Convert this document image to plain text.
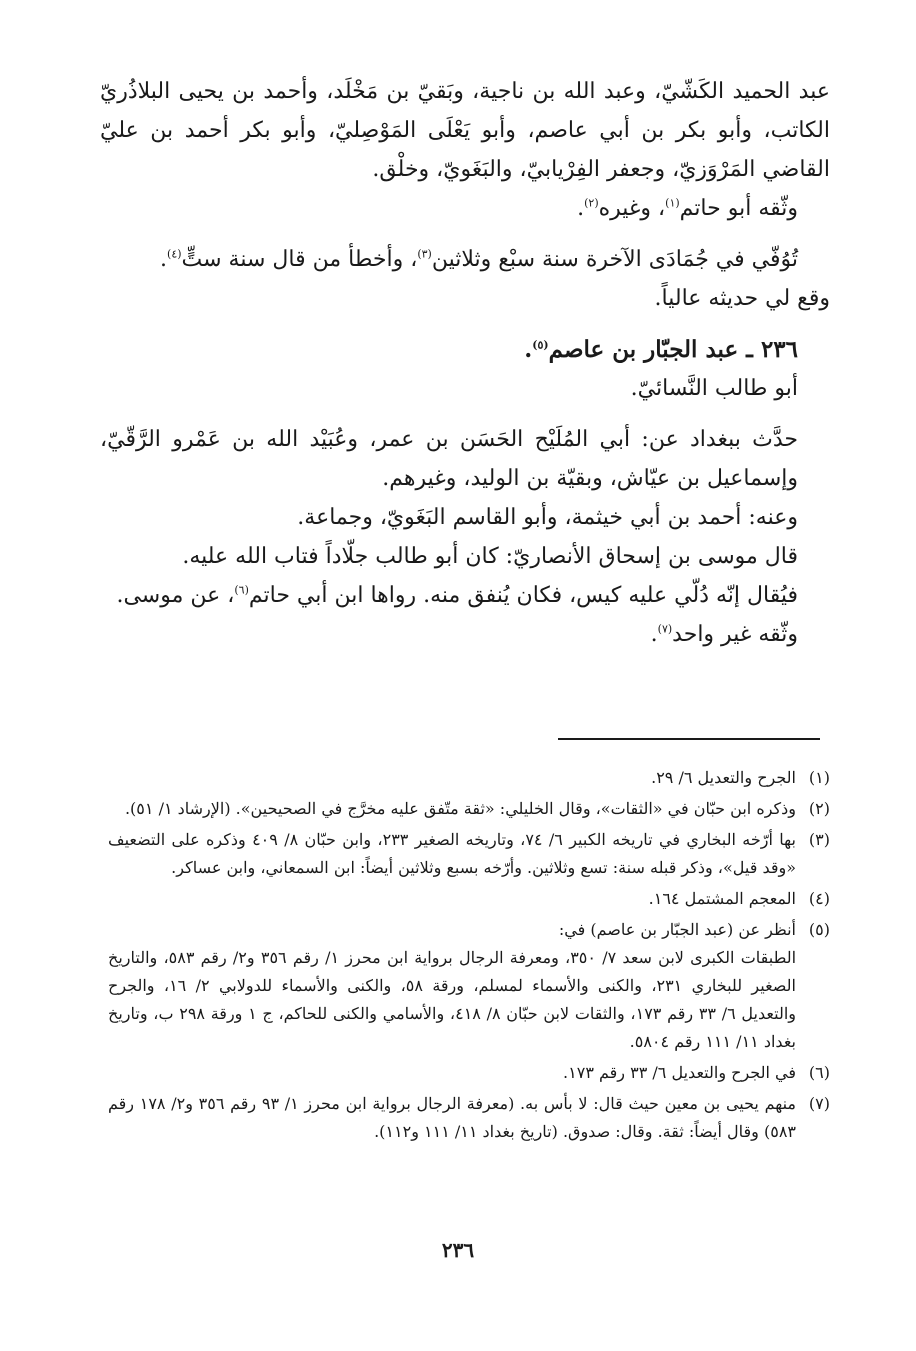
عبد الحميد الكَشّيّ، وعبد الله بن ناجية، وبَقيّ بن مَخْلَد، وأحمد بن يحيى البلاذُريّ الكاتب، وأبو بكر بن أبي عاصم، وأبو يَعْلَى المَوْصِليّ، وأبو بكر أحمد بن عليّ القاضي المَرْوَزيّ، وجعفر الفِرْيابيّ، والبَغَويّ، وخلْق.

وثّقه أبو حاتم$^{(١)}$، وغيره$^{(٢)}$.

تُوُفّي في جُمَادَى الآخرة سنة سبْع وثلاثين$^{(٣)}$، وأخطأ من قال سنة ستٍّ$^{(٤)}$.

وقع لي حديثه عالياً.

٢٣٦ ـ عبد الجبّار بن عاصم$^{(٥)}$.

أبو طالب النَّسائيّ.

حدَّث ببغداد عن: أبي المُلَيْح الحَسَن بن عمر، وعُبَيْد الله بن عَمْرو الرَّقّيّ، وإسماعيل بن عيّاش، وبقيّة بن الوليد، وغيرهم.

وعنه: أحمد بن أبي خيثمة، وأبو القاسم البَغَويّ، وجماعة.

قال موسى بن إسحاق الأنصاريّ: كان أبو طالب جلّاداً فتاب الله عليه.

فيُقال إنّه دُلّي عليه كيس، فكان يُنفق منه. رواها ابن أبي حاتم$^{(٦)}$، عن موسى.

وثّقه غير واحد$^{(٧)}$.

(١)
الجرح والتعديل ٦/ ٢٩.
(٢)
وذكره ابن حبّان في «الثقات»، وقال الخليلي: «ثقة متّفق عليه مخرَّج في الصحيحين». (الإرشاد ١/ ٥١).
(٣)
بها أرّخه البخاري في تاريخه الكبير ٦/ ٧٤، وتاريخه الصغير ٢٣٣، وابن حبّان ٨/ ٤٠٩ وذكره على التضعيف «وقد قيل»، وذكر قبله سنة: تسع وثلاثين. وأرّخه بسبع وثلاثين أيضاً: ابن السمعاني، وابن عساكر.
(٤)
المعجم المشتمل ١٦٤.
(٥)
أنظر عن (عبد الجبّار بن عاصم) في:
الطبقات الكبرى لابن سعد ٧/ ٣٥٠، ومعرفة الرجال برواية ابن محرز ١/ رقم ٣٥٦ و٢/ رقم ٥٨٣، والتاريخ الصغير للبخاري ٢٣١، والكنى والأسماء لمسلم، ورقة ٥٨، والكنى والأسماء للدولابي ٢/ ١٦، والجرح والتعديل ٦/ ٣٣ رقم ١٧٣، والثقات لابن حبّان ٨/ ٤١٨، والأسامي والكنى للحاكم، ج ١ ورقة ٢٩٨ ب، وتاريخ بغداد ١١/ ١١١ رقم ٥٨٠٤.
(٦)
في الجرح والتعديل ٦/ ٣٣ رقم ١٧٣.
(٧)
منهم يحيى بن معين حيث قال: لا بأس به. (معرفة الرجال برواية ابن محرز ١/ ٩٣ رقم ٣٥٦ و٢/ ١٧٨ رقم ٥٨٣) وقال أيضاً: ثقة. وقال: صدوق. (تاريخ بغداد ١١/ ١١١ و١١٢).
٢٣٦
